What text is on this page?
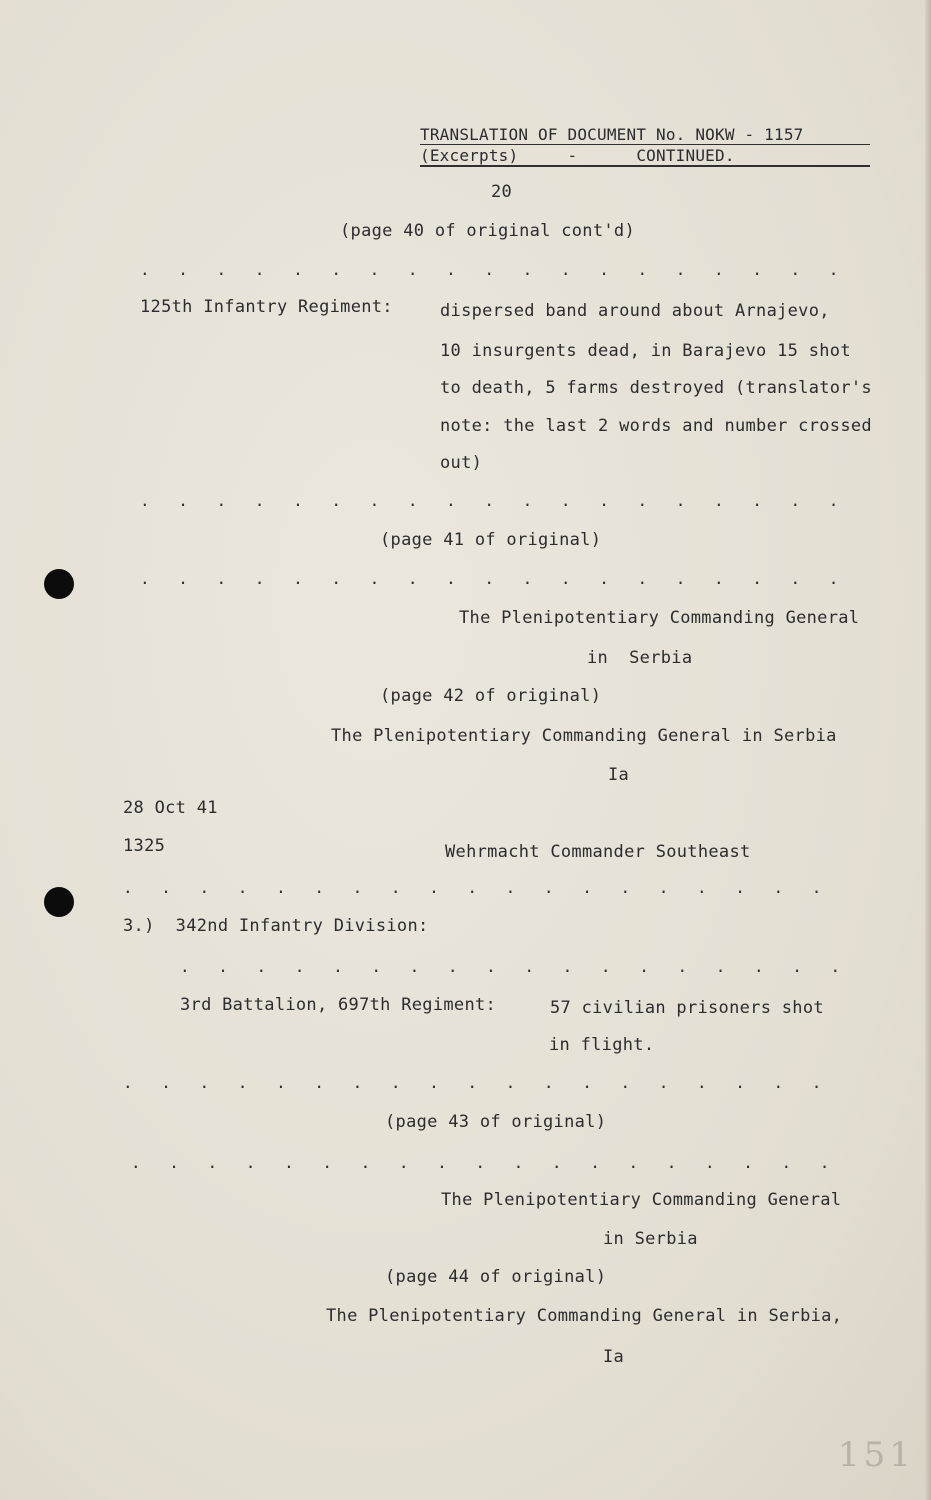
TRANSLATION OF DOCUMENT No. NOKW - 1157
(Excerpts)     -      CONTINUED.
20
(page 40 of original cont'd)
. . . . . . . . . . . . . . . . . . .
125th Infantry Regiment:	dispersed band around about Arnajevo,
10 insurgents dead, in Barajevo 15 shot
to death, 5 farms destroyed (translator's
note: the last 2 words and number crossed
out)
. . . . . . . . . . . . . . . . . . .
(page 41 of original)
. . . . . . . . . . . . . . . . . . .
The Plenipotentiary Commanding General
in  Serbia
(page 42 of original)
The Plenipotentiary Commanding General in Serbia
Ia
28 Oct 41
1325	Wehrmacht Commander Southeast
. . . . . . . . . . . . . . . . . . .
3.)  342nd Infantry Division:
. . . . . . . . . . . . . . . . . .
3rd Battalion, 697th Regiment:	57 civilian prisoners shot
in flight.
. . . . . . . . . . . . . . . . . . .
(page 43 of original)
. . . . . . . . . . . . . . . . . . .
The Plenipotentiary Commanding General
in Serbia
(page 44 of original)
The Plenipotentiary Commanding General in Serbia,
Ia
151
